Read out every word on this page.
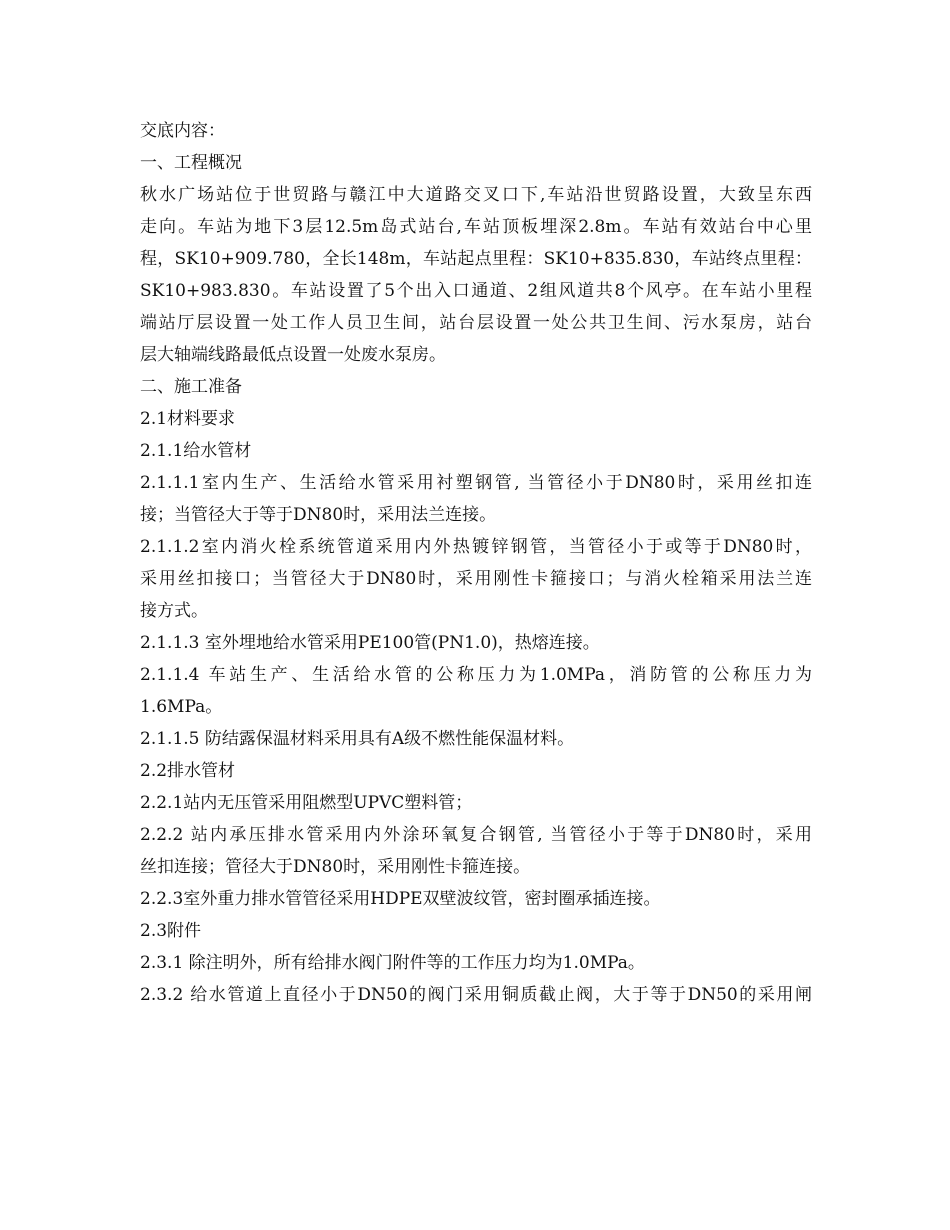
交底内容：
一、工程概况
秋水广场站位于世贸路与赣江中大道路交叉口下,车站沿世贸路设置，大致呈东西
走向。车站为地下3层12.5m岛式站台,车站顶板埋深2.8m。车站有效站台中心里
程，SK10+909.780，全长148m，车站起点里程：SK10+835.830，车站终点里程：
SK10+983.830。车站设置了5个出入口通道、2组风道共8个风亭。在车站小里程
端站厅层设置一处工作人员卫生间，站台层设置一处公共卫生间、污水泵房，站台
层大轴端线路最低点设置一处废水泵房。
二、施工准备
2.1材料要求
2.1.1给水管材
2.1.1.1室内生产、生活给水管采用衬塑钢管, 当管径小于DN80时，采用丝扣连
接；当管径大于等于DN80时，采用法兰连接。
2.1.1.2室内消火栓系统管道采用内外热镀锌钢管，当管径小于或等于DN80时，
采用丝扣接口；当管径大于DN80时，采用刚性卡箍接口；与消火栓箱采用法兰连
接方式。
2.1.1.3 室外埋地给水管采用PE100管(PN1.0)，热熔连接。
2.1.1.4 车站生产、生活给水管的公称压力为1.0MPa，消防管的公称压力为
1.6MPa。
2.1.1.5 防结露保温材料采用具有A级不燃性能保温材料。
2.2排水管材
2.2.1站内无压管采用阻燃型UPVC塑料管；
2.2.2 站内承压排水管采用内外涂环氧复合钢管, 当管径小于等于DN80时，采用
丝扣连接；管径大于DN80时，采用刚性卡箍连接。
2.2.3室外重力排水管管径采用HDPE双壁波纹管，密封圈承插连接。
2.3附件
2.3.1 除注明外，所有给排水阀门附件等的工作压力均为1.0MPa。
2.3.2 给水管道上直径小于DN50的阀门采用铜质截止阀，大于等于DN50的采用闸
